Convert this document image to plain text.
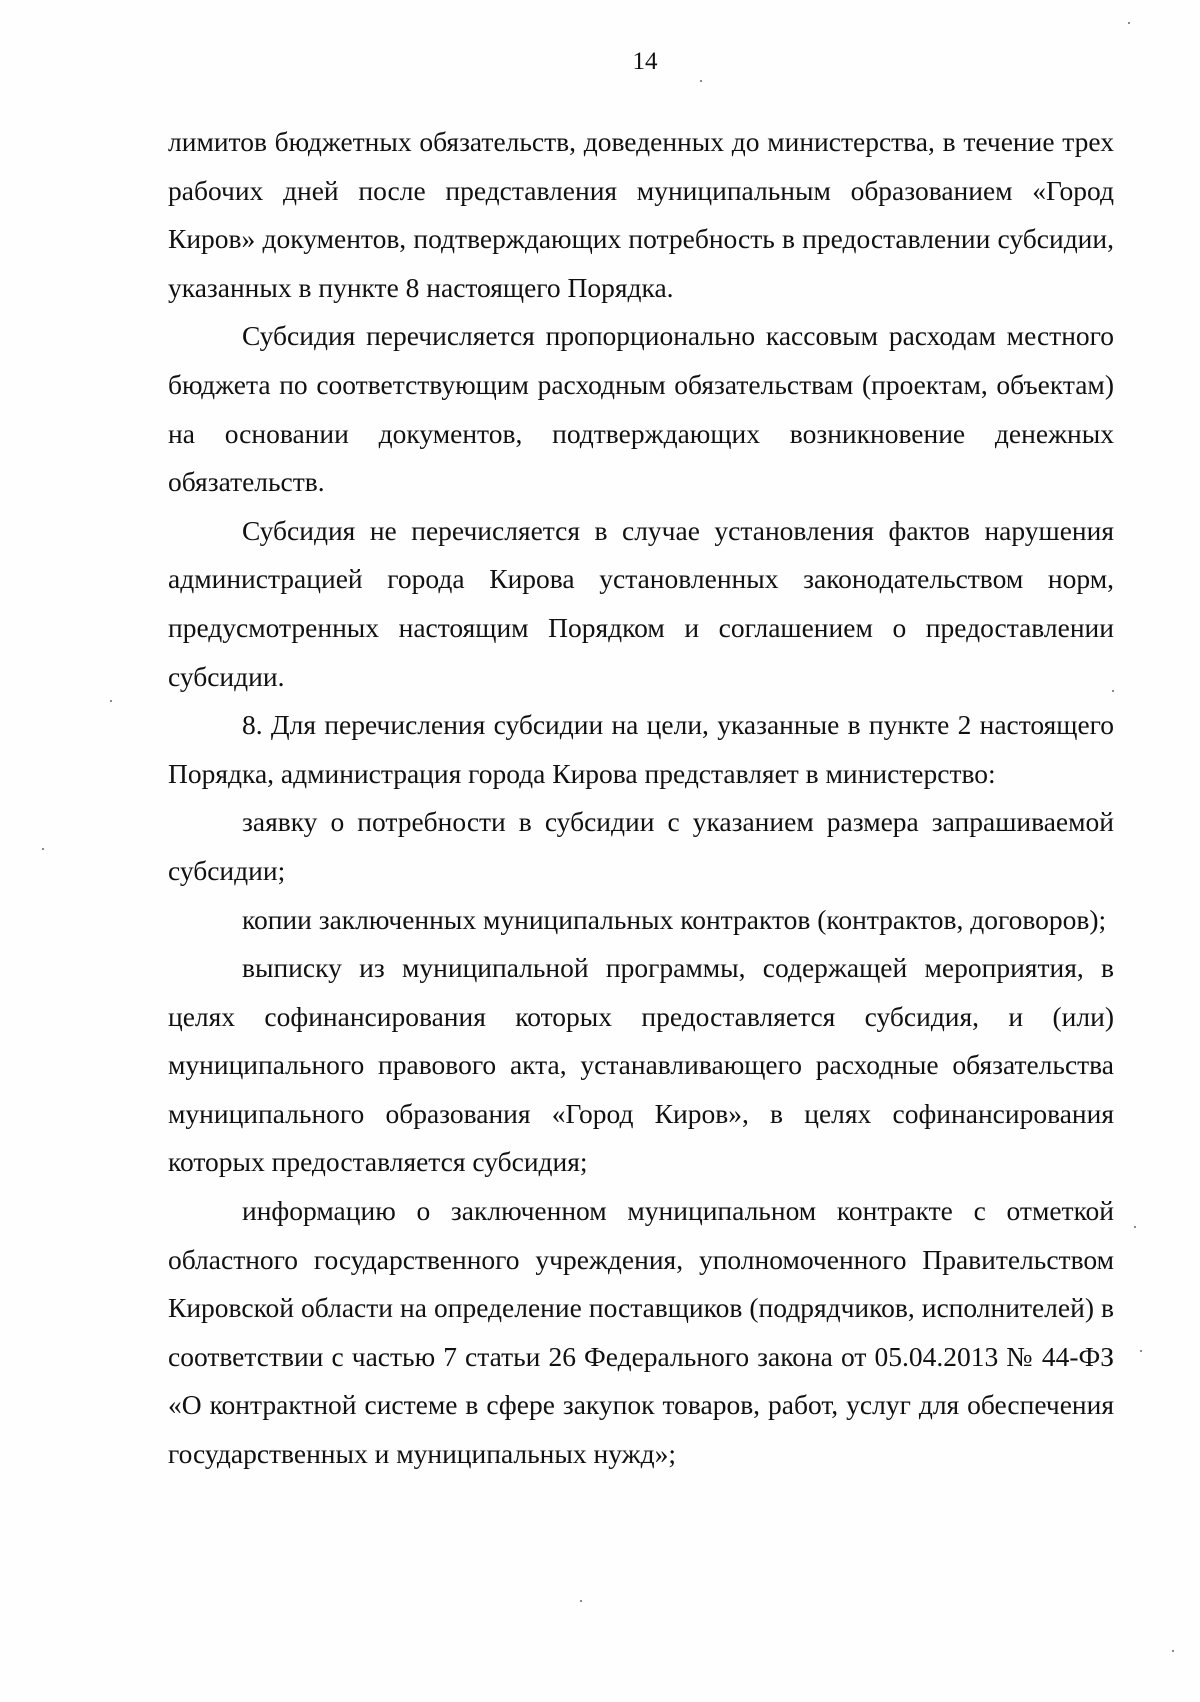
14

лимитов бюджетных обязательств, доведенных до министерства, в течение трех рабочих дней после представления муниципальным образованием «Город Киров» документов, подтверждающих потребность в предоставлении субсидии, указанных в пункте 8 настоящего Порядка.

Субсидия перечисляется пропорционально кассовым расходам местного бюджета по соответствующим расходным обязательствам (проектам, объектам) на основании документов, подтверждающих возникновение денежных обязательств.

Субсидия не перечисляется в случае установления фактов нарушения администрацией города Кирова установленных законодательством норм, предусмотренных настоящим Порядком и соглашением о предоставлении субсидии.

8. Для перечисления субсидии на цели, указанные в пункте 2 настоящего Порядка, администрация города Кирова представляет в министерство:

заявку о потребности в субсидии с указанием размера запрашиваемой субсидии;

копии заключенных муниципальных контрактов (контрактов, договоров);

выписку из муниципальной программы, содержащей мероприятия, в целях софинансирования которых предоставляется субсидия, и (или) муниципального правового акта, устанавливающего расходные обязательства муниципального образования «Город Киров», в целях софинансирования которых предоставляется субсидия;

информацию о заключенном муниципальном контракте с отметкой областного государственного учреждения, уполномоченного Правительством Кировской области на определение поставщиков (подрядчиков, исполнителей) в соответствии с частью 7 статьи 26 Федерального закона от 05.04.2013 № 44-ФЗ «О контрактной системе в сфере закупок товаров, работ, услуг для обеспечения государственных и муниципальных нужд»;
